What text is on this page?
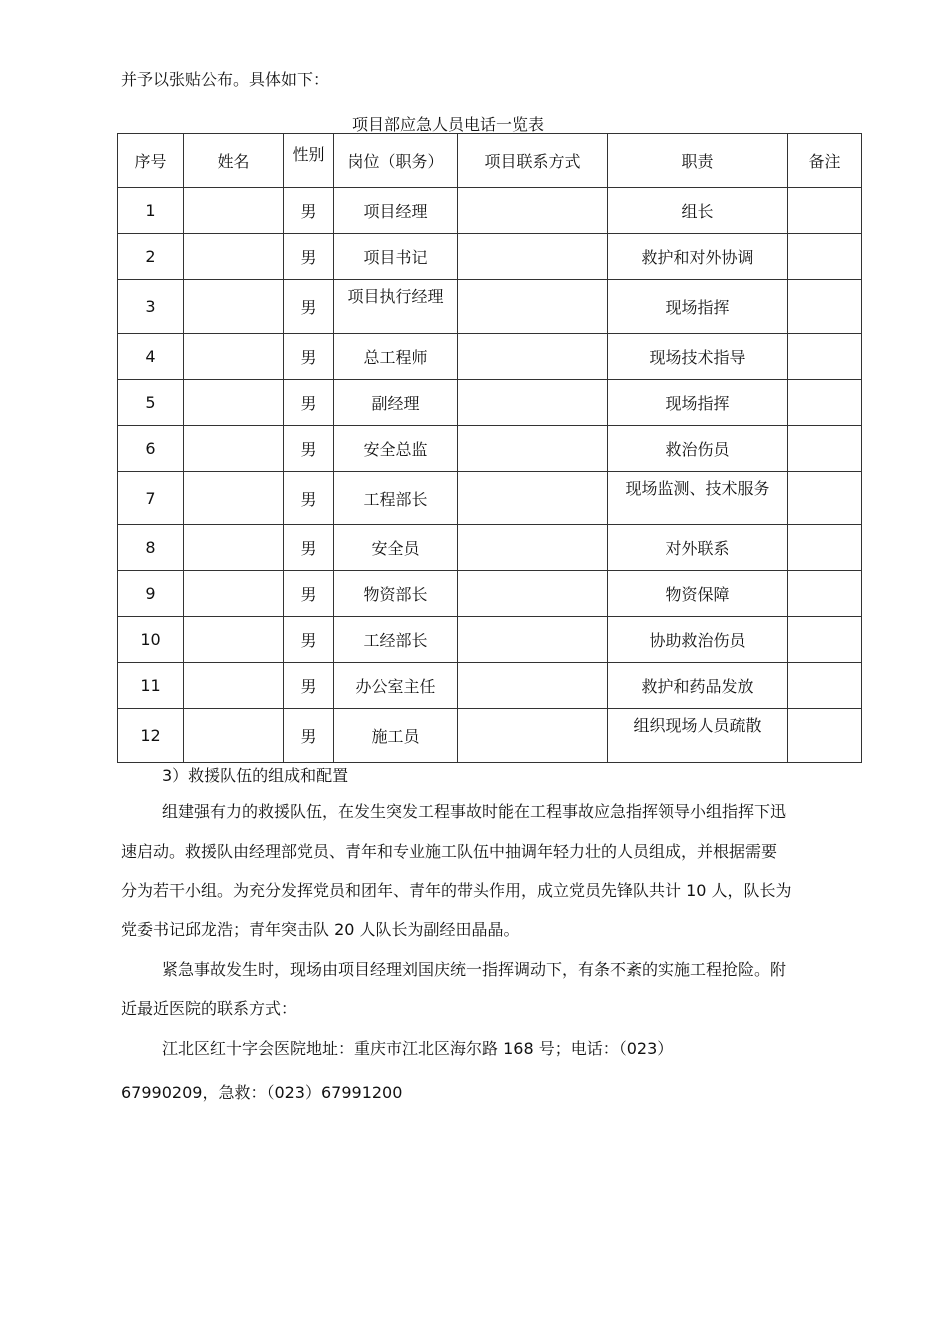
并予以张贴公布。具体如下：
项目部应急人员电话一览表
序号	姓名	性别	岗位（职务）	项目联系方式	职责	备注
1		男	项目经理		组长	
2		男	项目书记		救护和对外协调	
3		男	项目执行经理		现场指挥	
4		男	总工程师		现场技术指导	
5		男	副经理		现场指挥	
6		男	安全总监		救治伤员	
7		男	工程部长		现场监测、技术服务	
8		男	安全员		对外联系	
9		男	物资部长		物资保障	
10		男	工经部长		协助救治伤员	
11		男	办公室主任		救护和药品发放	
12		男	施工员		组织现场人员疏散	
3）救援队伍的组成和配置
组建强有力的救援队伍，在发生突发工程事故时能在工程事故应急指挥领导小组指挥下迅
速启动。救援队由经理部党员、青年和专业施工队伍中抽调年轻力壮的人员组成，并根据需要
分为若干小组。为充分发挥党员和团年、青年的带头作用，成立党员先锋队共计 10 人，队长为
党委书记邱龙浩；青年突击队 20 人队长为副经田晶晶。
紧急事故发生时，现场由项目经理刘国庆统一指挥调动下，有条不紊的实施工程抢险。附
近最近医院的联系方式：
江北区红十字会医院地址：重庆市江北区海尔路 168 号；电话：（023）
67990209，急救：（023）67991200
